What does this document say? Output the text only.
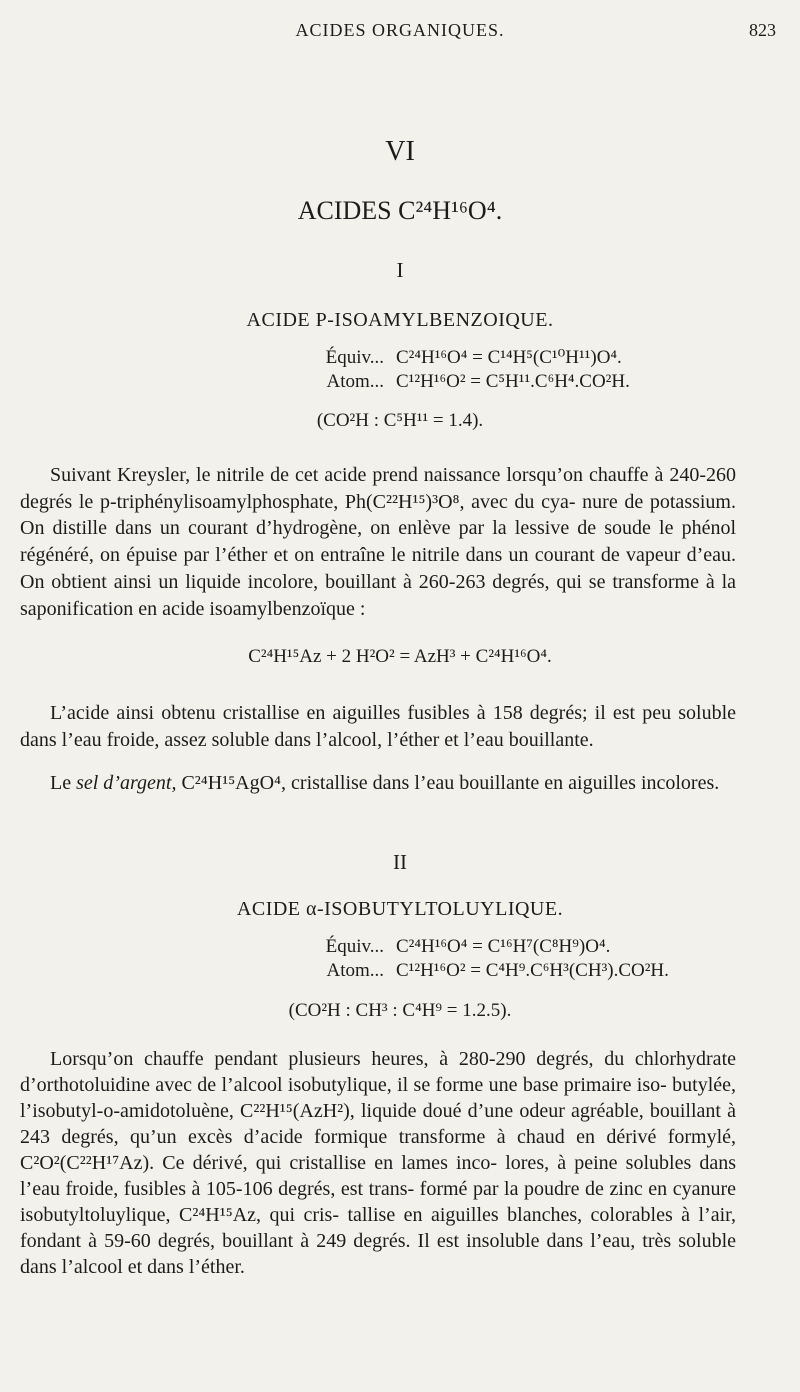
ACIDES ORGANIQUES.	823
VI
ACIDES C²⁴H¹⁶O⁴.
I
ACIDE P-ISOAMYLBENZOIQUE.
Équiv... C²⁴H¹⁶O⁴ = C¹⁴H⁵(C¹⁰H¹¹)O⁴.
Atom... C¹²H¹⁶O² = C⁵H¹¹.C⁶H⁴.CO²H.
(CO²H : C⁵H¹¹ = 1.4).
Suivant Kreysler, le nitrile de cet acide prend naissance lorsqu’on chauffe à 240-260 degrés le p-triphénylisoamylphosphate, Ph(C²²H¹⁵)³O⁸, avec du cya- nure de potassium. On distille dans un courant d’hydrogène, on enlève par la lessive de soude le phénol régénéré, on épuise par l’éther et on entraîne le nitrile dans un courant de vapeur d’eau. On obtient ainsi un liquide incolore, bouillant à 260-263 degrés, qui se transforme à la saponification en acide isoamylbenzoïque :
C²⁴H¹⁵Az + 2 H²O² = AzH³ + C²⁴H¹⁶O⁴.
L’acide ainsi obtenu cristallise en aiguilles fusibles à 158 degrés; il est peu soluble dans l’eau froide, assez soluble dans l’alcool, l’éther et l’eau bouillante.
Le sel d’argent, C²⁴H¹⁵AgO⁴, cristallise dans l’eau bouillante en aiguilles incolores.
II
ACIDE α-ISOBUTYLTOLUYLIQUE.
Équiv... C²⁴H¹⁶O⁴ = C¹⁶H⁷(C⁸H⁹)O⁴.
Atom... C¹²H¹⁶O² = C⁴H⁹.C⁶H³(CH³).CO²H.
(CO²H : CH³ : C⁴H⁹ = 1.2.5).
Lorsqu’on chauffe pendant plusieurs heures, à 280-290 degrés, du chlorhydrate d’orthotoluidine avec de l’alcool isobutylique, il se forme une base primaire iso- butylée, l’isobutyl-o-amidotoluène, C²²H¹⁵(AzH²), liquide doué d’une odeur agréable, bouillant à 243 degrés, qu’un excès d’acide formique transforme à chaud en dérivé formylé, C²O²(C²²H¹⁷Az). Ce dérivé, qui cristallise en lames inco- lores, à peine solubles dans l’eau froide, fusibles à 105-106 degrés, est trans- formé par la poudre de zinc en cyanure isobutyltoluylique, C²⁴H¹⁵Az, qui cris- tallise en aiguilles blanches, colorables à l’air, fondant à 59-60 degrés, bouillant à 249 degrés. Il est insoluble dans l’eau, très soluble dans l’alcool et dans l’éther.
